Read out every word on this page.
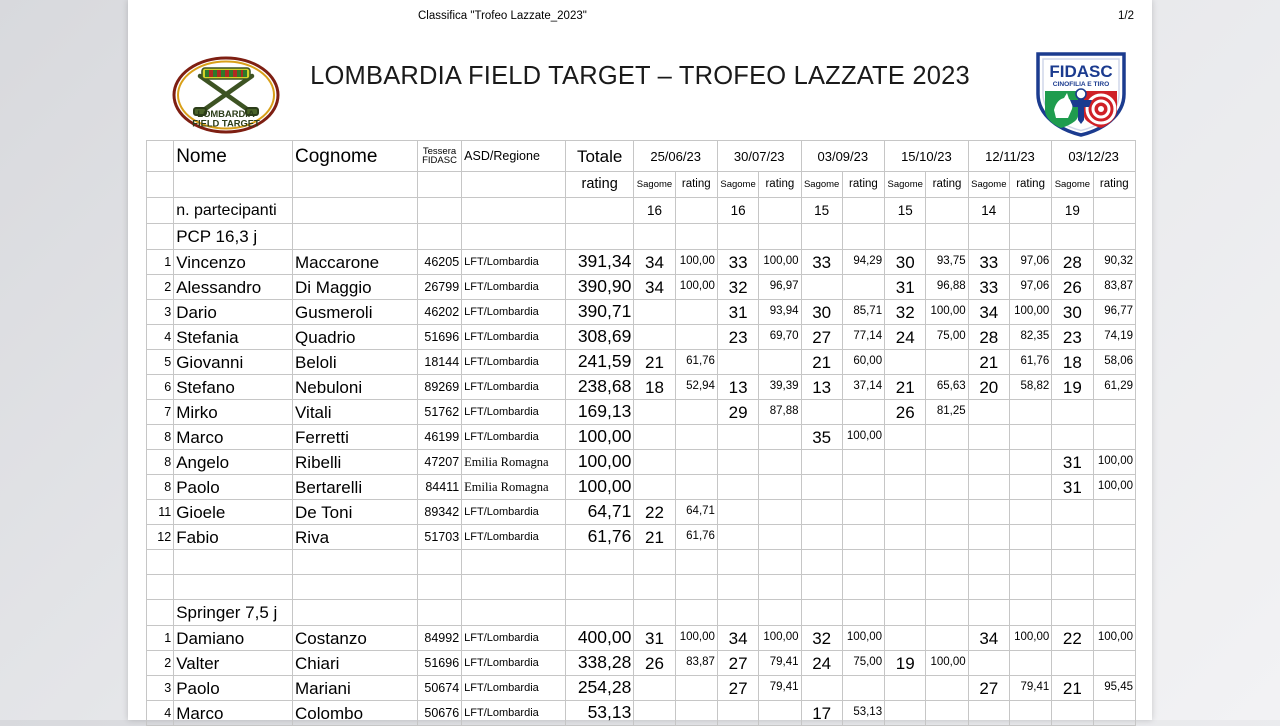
Classifica "Trofeo Lazzate_2023"	1/2
LOMBARDIA
FIELD TARGET
LOMBARDIA FIELD TARGET – TROFEO LAZZATE 2023	FIDASC
CINOFILIA E TIRO
	Nome	Cognome	Tessera
FIDASC	ASD/Regione	Totale	25/06/23		30/07/23		03/09/23		15/10/23		12/11/23		03/12/23	
					rating	Sagome	rating	Sagome	rating	Sagome	rating	Sagome	rating	Sagome	rating	Sagome	rating
	n. partecipanti					16		16		15		15		14		19	
	PCP 16,3 j																
1	Vincenzo	Maccarone	46205	LFT/Lombardia	391,34	34	100,00	33	100,00	33	94,29	30	93,75	33	97,06	28	90,32
2	Alessandro	Di Maggio	26799	LFT/Lombardia	390,90	34	100,00	32	96,97			31	96,88	33	97,06	26	83,87
3	Dario	Gusmeroli	46202	LFT/Lombardia	390,71			31	93,94	30	85,71	32	100,00	34	100,00	30	96,77
4	Stefania	Quadrio	51696	LFT/Lombardia	308,69			23	69,70	27	77,14	24	75,00	28	82,35	23	74,19
5	Giovanni	Beloli	18144	LFT/Lombardia	241,59	21	61,76			21	60,00			21	61,76	18	58,06
6	Stefano	Nebuloni	89269	LFT/Lombardia	238,68	18	52,94	13	39,39	13	37,14	21	65,63	20	58,82	19	61,29
7	Mirko	Vitali	51762	LFT/Lombardia	169,13			29	87,88			26	81,25				
8	Marco	Ferretti	46199	LFT/Lombardia	100,00					35	100,00						
8	Angelo	Ribelli	47207	Emilia Romagna	100,00											31	100,00
8	Paolo	Bertarelli	84411	Emilia Romagna	100,00											31	100,00
11	Gioele	De Toni	89342	LFT/Lombardia	64,71	22	64,71										
12	Fabio	Riva	51703	LFT/Lombardia	61,76	21	61,76										

	Springer 7,5 j																
1	Damiano	Costanzo	84992	LFT/Lombardia	400,00	31	100,00	34	100,00	32	100,00			34	100,00	22	100,00
2	Valter	Chiari	51696	LFT/Lombardia	338,28	26	83,87	27	79,41	24	75,00	19	100,00				
3	Paolo	Mariani	50674	LFT/Lombardia	254,28			27	79,41					27	79,41	21	95,45
4	Marco	Colombo	50676	LFT/Lombardia	53,13					17	53,13						
